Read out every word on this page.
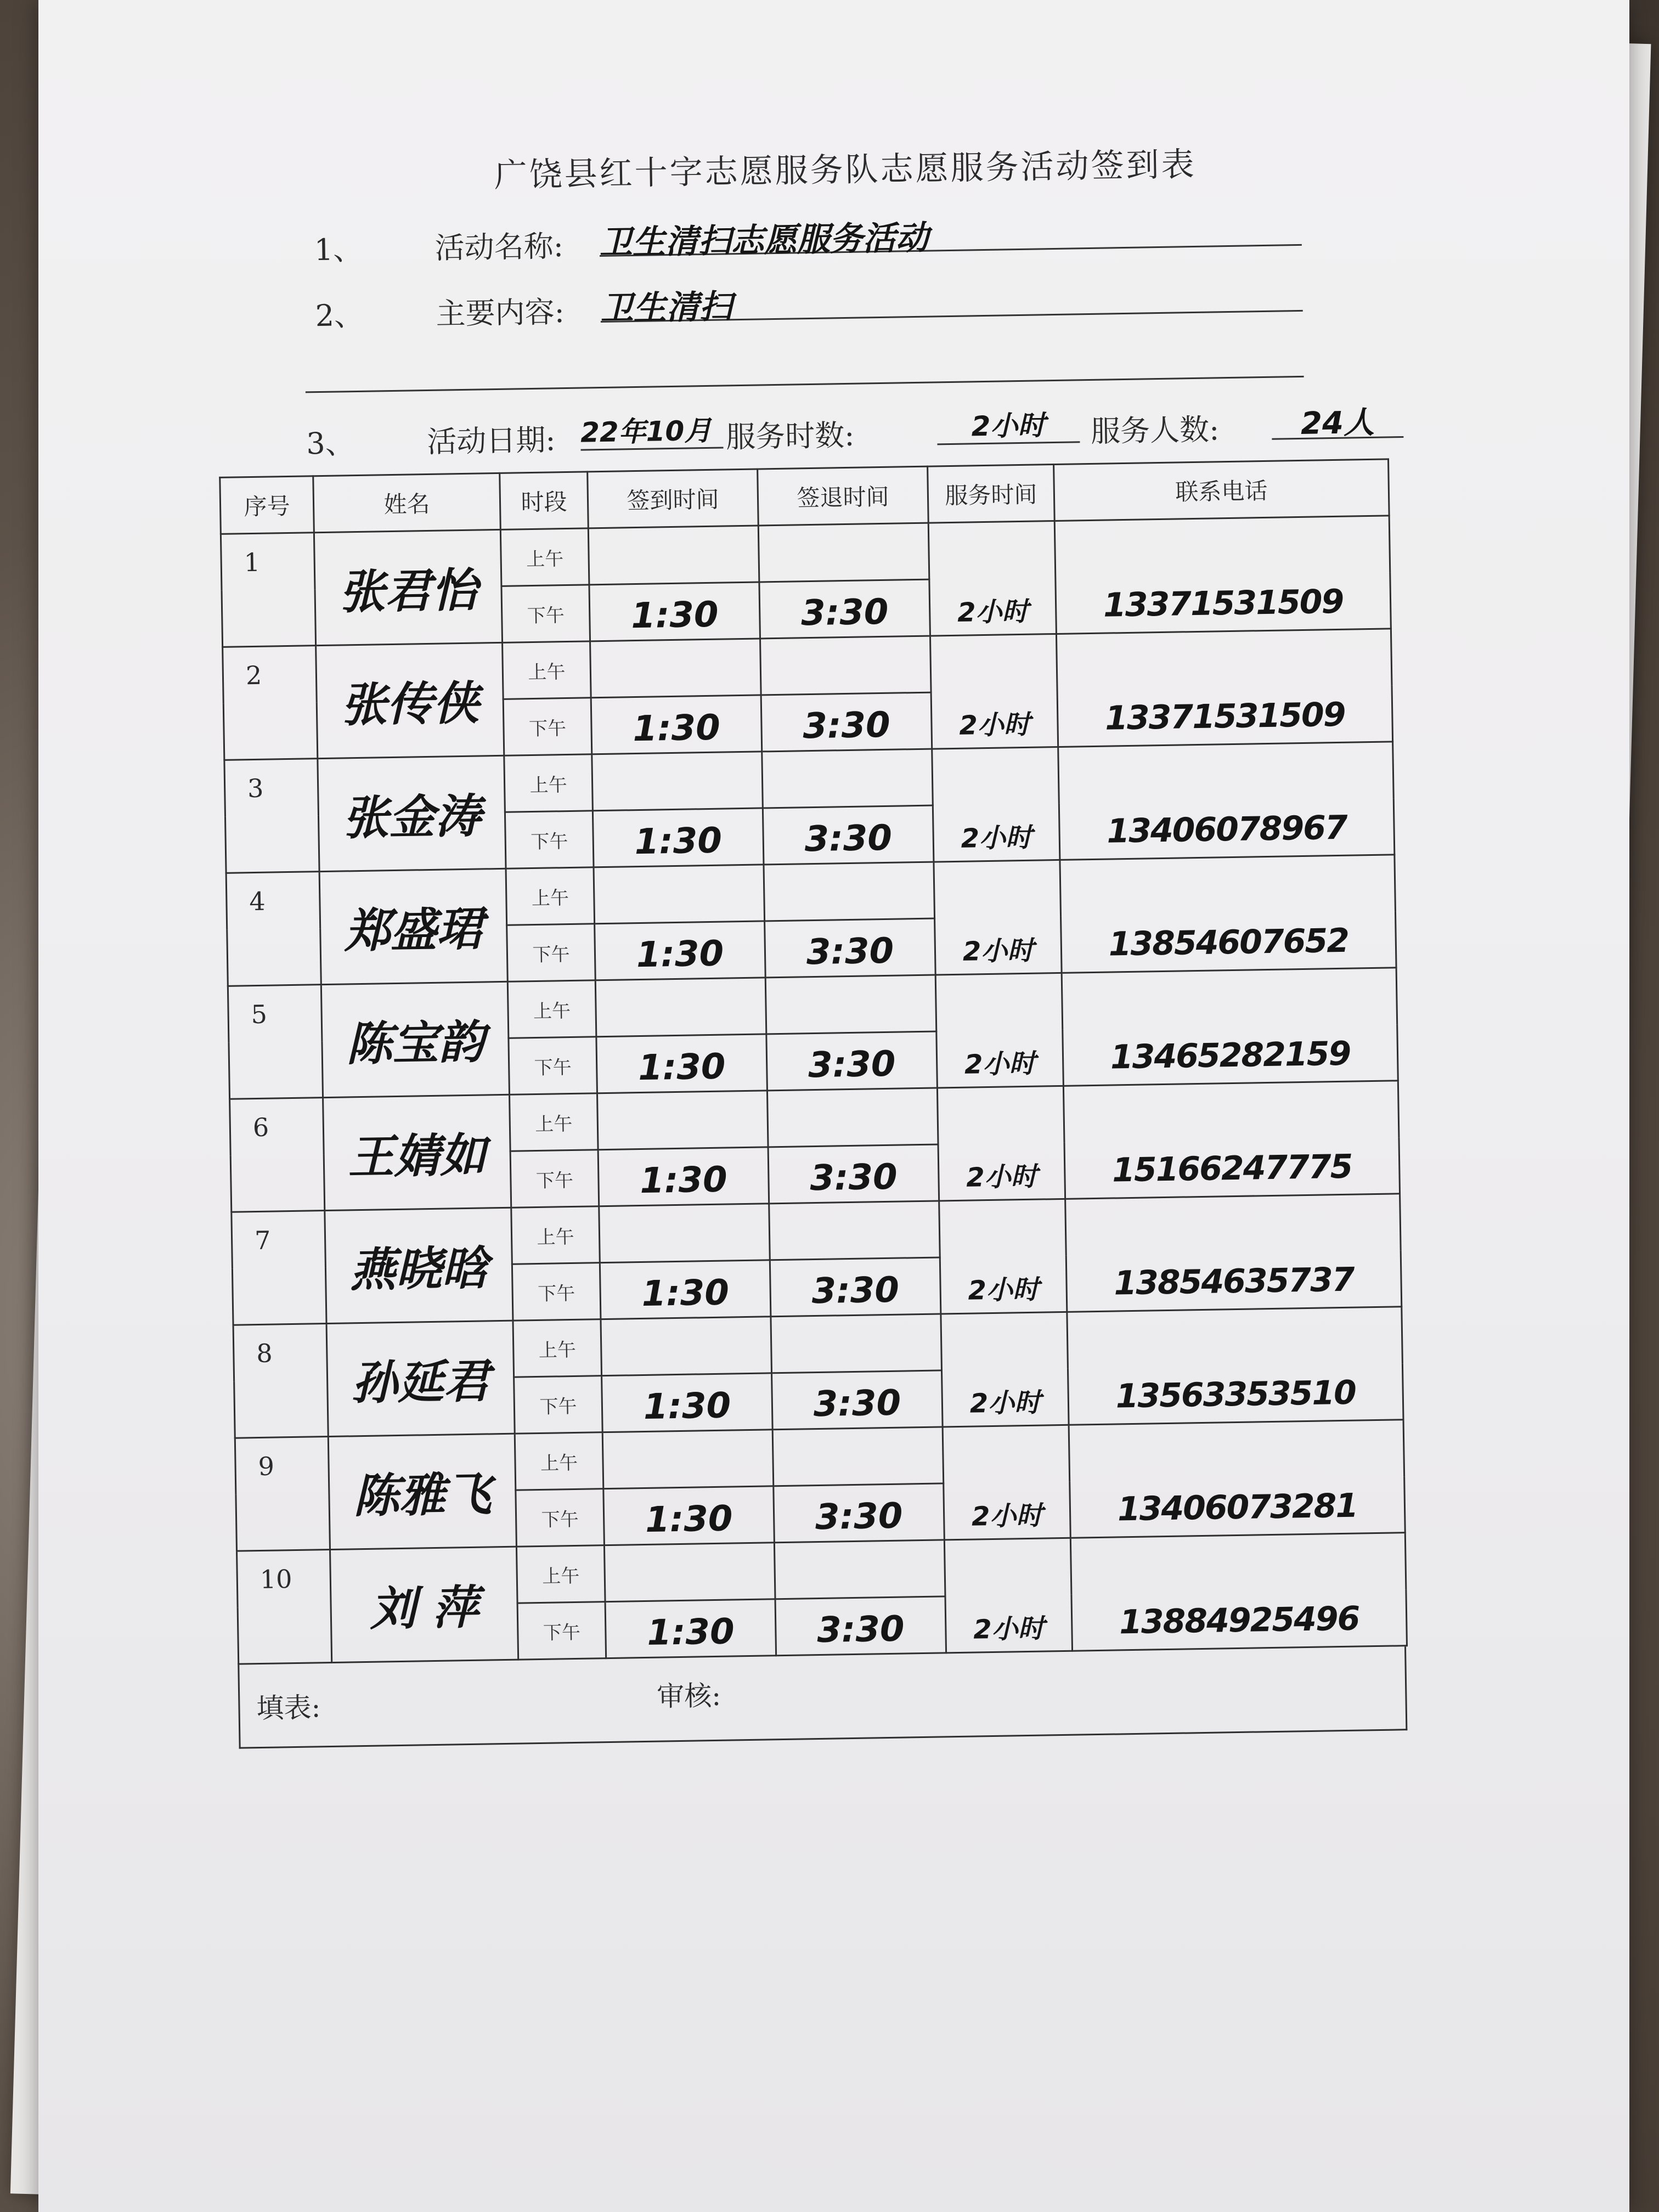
广饶县红十字志愿服务队志愿服务活动签到表
1、 活动名称: 卫生清扫志愿服务活动
2、 主要内容: 卫生清扫
3、 活动日期: 22年10月 服务时数:	2小时	服务人数:	24人
序号	姓名	时段	签到时间	签退时间	服务时间	联系电话
1	张君怡	上午			2小时	13371531509
		下午	1:30	3:30		
2	张传侠	上午			2小时	13371531509
		下午	1:30	3:30		
3	张金涛	上午			2小时	13406078967
		下午	1:30	3:30		
4	郑盛珺	上午			2小时	13854607652
		下午	1:30	3:30		
5	陈宝韵	上午			2小时	13465282159
		下午	1:30	3:30		
6	王婧如	上午			2小时	15166247775
		下午	1:30	3:30		
7	燕晓晗	上午			2小时	13854635737
		下午	1:30	3:30		
8	孙延君	上午			2小时	13563353510
		下午	1:30	3:30		
9	陈雅飞	上午			2小时	13406073281
		下午	1:30	3:30		
10	刘 萍	上午			2小时	13884925496
		下午	1:30	3:30		
填表:	审核:
